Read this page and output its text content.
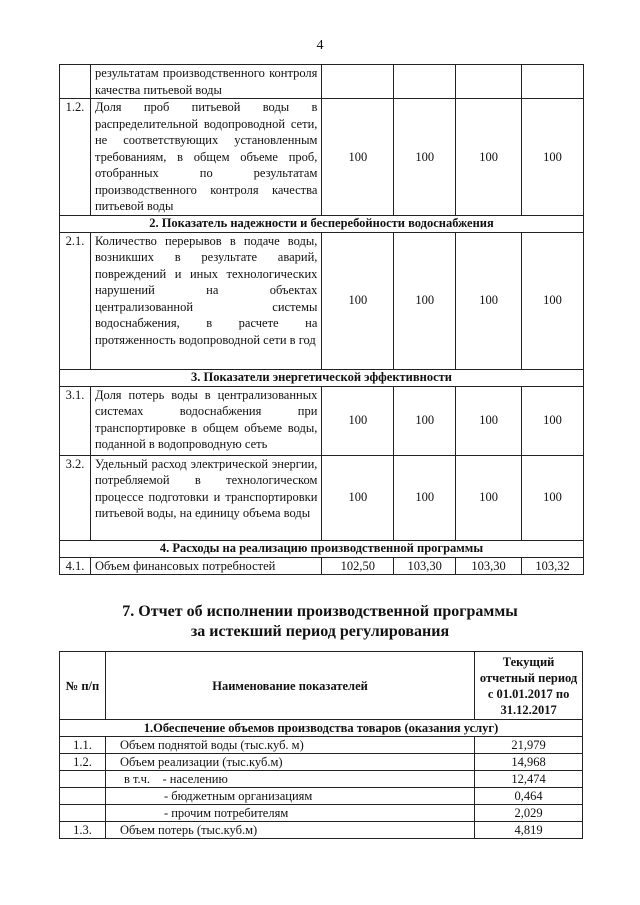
4
	результатам производственного контроля качества питьевой воды				
1.2.	Доля проб питьевой воды в распределительной водопроводной сети, не соответствующих установленным требованиям, в общем объеме проб, отобранных по результатам производственного контроля качества питьевой воды	100	100	100	100
2. Показатель надежности и бесперебойности водоснабжения					
2.1.	Количество перерывов в подаче воды, возникших в результате аварий, повреждений и иных технологических нарушений на объектах централизованной системы водоснабжения, в расчете на протяженность водопроводной сети в год	100	100	100	100
3. Показатели энергетической эффективности					
3.1.	Доля потерь воды в централизованных системах водоснабжения при транспортировке в общем объеме воды, поданной в водопроводную сеть	100	100	100	100
3.2.	Удельный расход электрической энергии, потребляемой в технологическом процессе подготовки и транспортировки питьевой воды, на единицу объема воды	100	100	100	100
4. Расходы на реализацию производственной программы					
4.1.	Объем финансовых потребностей	102,50	103,30	103,30	103,32
7. Отчет об исполнении производственной программы
за истекший период регулирования
№ п/п	Наименование показателей	Текущий отчетный период с 01.01.2017 по 31.12.2017
1.Обеспечение объемов производства товаров (оказания услуг)		
1.1.	Объем поднятой воды (тыс.куб. м)	21,979
1.2.	Объем реализации (тыс.куб.м)	14,968
	в т.ч.    - населению	12,474
	- бюджетным организациям	0,464
	- прочим потребителям	2,029
1.3.	Объем потерь (тыс.куб.м)	4,819
